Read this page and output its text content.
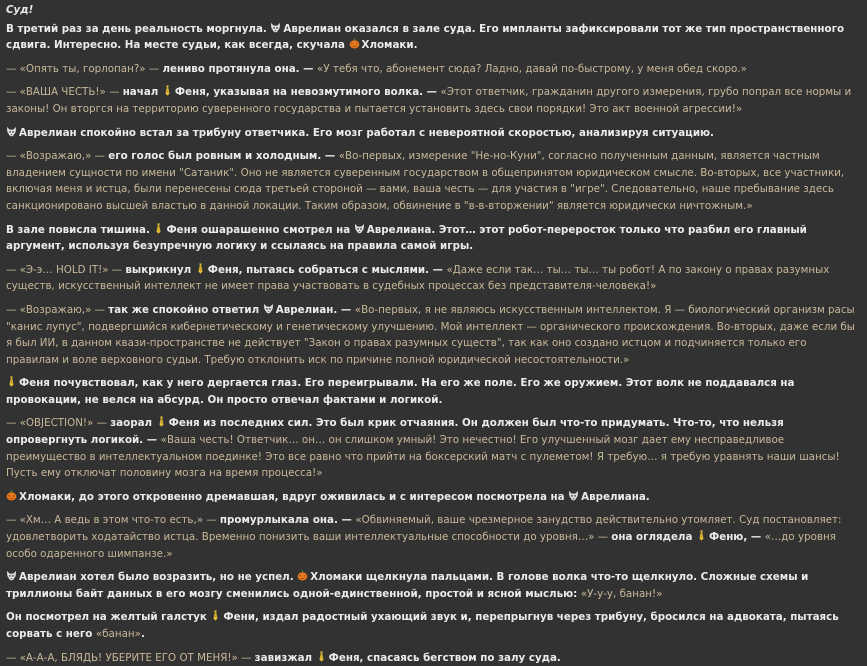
Суд!

В третий раз за день реальность моргнула.
Аврелиан оказался в зале суда. Его импланты зафиксировали тот же тип пространственного сдвига. Интересно. На месте судьи, как всегда, скучала
Хломаки.

— «Опять ты, горлопан?» — лениво протянула она. — «У тебя что, абонемент сюда? Ладно, давай по-быстрому, у меня обед скоро.»

— «ВАША ЧЕСТЬ!» — начал
Феня, указывая на невозмутимого волка. — «Этот ответчик, гражданин другого измерения, грубо попрал все нормы и законы! Он вторгся на территорию суверенного государства и пытается установить здесь свои порядки! Это акт военной агрессии!»

Аврелиан спокойно встал за трибуну ответчика. Его мозг работал с невероятной скоростью, анализируя ситуацию.

— «Возражаю,» — его голос был ровным и холодным. — «Во-первых, измерение "Не-но-Куни", согласно полученным данным, является частным владением сущности по имени "Сатаник". Оно не является суверенным государством в общепринятом юридическом смысле. Во-вторых, все участники, включая меня и истца, были перенесены сюда третьей стороной — вами, ваша честь — для участия в "игре". Следовательно, наше пребывание здесь санкционировано высшей властью в данной локации. Таким образом, обвинение в "в-в-вторжении" является юридически ничтожным.»

В зале повисла тишина.
Феня ошарашенно смотрел на
Аврелиана. Этот… этот робот-переросток только что разбил его главный аргумент, используя безупречную логику и ссылаясь на правила самой игры.

— «Э-э… HOLD IT!» — выкрикнул
Феня, пытаясь собраться с мыслями. — «Даже если так… ты… ты… ты робот! А по закону о правах разумных существ, искусственный интеллект не имеет права участвовать в судебных процессах без представителя-человека!»

— «Возражаю,» — так же спокойно ответил
Аврелиан. — «Во-первых, я не являюсь искусственным интеллектом. Я — биологический организм расы "канис лупус", подвергшийся кибернетическому и генетическому улучшению. Мой интеллект — органического происхождения. Во-вторых, даже если бы я был ИИ, в данном квази-пространстве не действует "Закон о правах разумных существ", так как оно создано истцом и подчиняется только его правилам и воле верховного судьи. Требую отклонить иск по причине полной юридической несостоятельности.»

Феня почувствовал, как у него дергается глаз. Его переигрывали. На его же поле. Его же оружием. Этот волк не поддавался на провокации, не велся на абсурд. Он просто отвечал фактами и логикой.

— «OBJECTION!» — заорал
Феня из последних сил. Это был крик отчаяния. Он должен был что-то придумать. Что-то, что нельзя опровергнуть логикой. — «Ваша честь! Ответчик… он… он слишком умный! Это нечестно! Его улучшенный мозг дает ему несправедливое преимущество в интеллектуальном поединке! Это все равно что прийти на боксерский матч с пулеметом! Я требую… я требую уравнять наши шансы! Пусть ему отключат половину мозга на время процесса!»

Хломаки, до этого откровенно дремавшая, вдруг оживилась и с интересом посмотрела на
Аврелиана.

— «Хм… А ведь в этом что-то есть,» — промурлыкала она. — «Обвиняемый, ваше чрезмерное занудство действительно утомляет. Суд постановляет: удовлетворить ходатайство истца. Временно понизить ваши интеллектуальные способности до уровня…» — она оглядела
Феню, — «…до уровня особо одаренного шимпанзе.»

Аврелиан хотел было возразить, но не успел.
Хломаки щелкнула пальцами. В голове волка что-то щелкнуло. Сложные схемы и триллионы байт данных в его мозгу сменились одной-единственной, простой и ясной мыслью: «У-у-у, банан!»

Он посмотрел на желтый галстук
Фени, издал радостный ухающий звук и, перепрыгнув через трибуну, бросился на адвоката, пытаясь сорвать с него «банан».

— «А-А-А, БЛЯДЬ! УБЕРИТЕ ЕГО ОТ МЕНЯ!» — завизжал
Феня, спасаясь бегством по залу суда.
